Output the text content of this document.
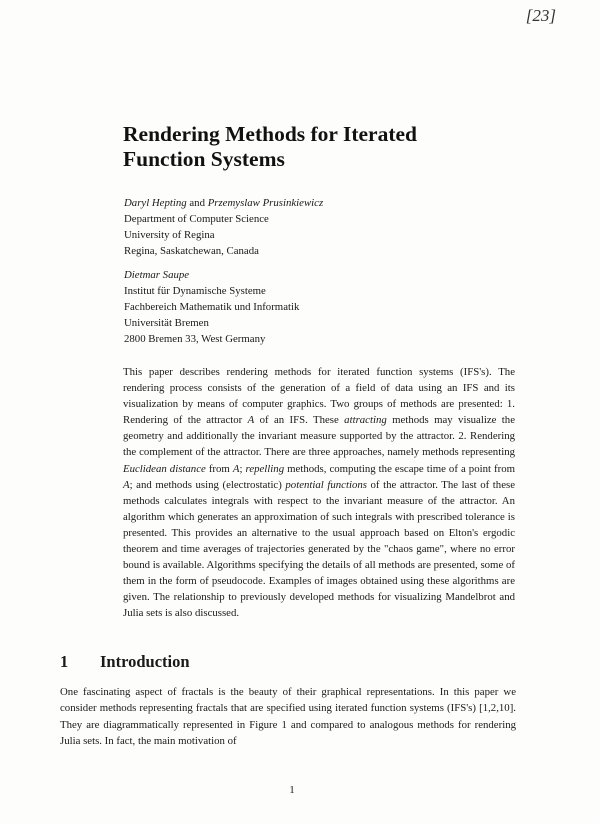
[23]
Rendering Methods for Iterated
Function Systems
Daryl Hepting and Przemyslaw Prusinkiewicz
Department of Computer Science
University of Regina
Regina, Saskatchewan, Canada
Dietmar Saupe
Institut für Dynamische Systeme
Fachbereich Mathematik und Informatik
Universität Bremen
2800 Bremen 33, West Germany

This paper describes rendering methods for iterated function systems (IFS's). The rendering process consists of the generation of a field of data using an IFS and its visualization by means of computer graphics. Two groups of methods are presented: 1. Rendering of the attractor A of an IFS. These attracting methods may visualize the geometry and additionally the invariant measure supported by the attractor. 2. Rendering the complement of the attractor. There are three approaches, namely methods representing Euclidean distance from A; repelling methods, computing the escape time of a point from A; and methods using (electrostatic) potential functions of the attractor. The last of these methods calculates integrals with respect to the invariant measure of the attractor. An algorithm which generates an approximation of such integrals with prescribed tolerance is presented. This provides an alternative to the usual approach based on Elton's ergodic theorem and time averages of trajectories generated by the "chaos game", where no error bound is available. Algorithms specifying the details of all methods are presented, some of them in the form of pseudocode. Examples of images obtained using these algorithms are given. The relationship to previously developed methods for visualizing Mandelbrot and Julia sets is also discussed.

1 Introduction

One fascinating aspect of fractals is the beauty of their graphical representations. In this paper we consider methods representing fractals that are specified using iterated function systems (IFS's) [1,2,10]. They are diagrammatically represented in Figure 1 and compared to analogous methods for rendering Julia sets. In fact, the main motivation of

1
